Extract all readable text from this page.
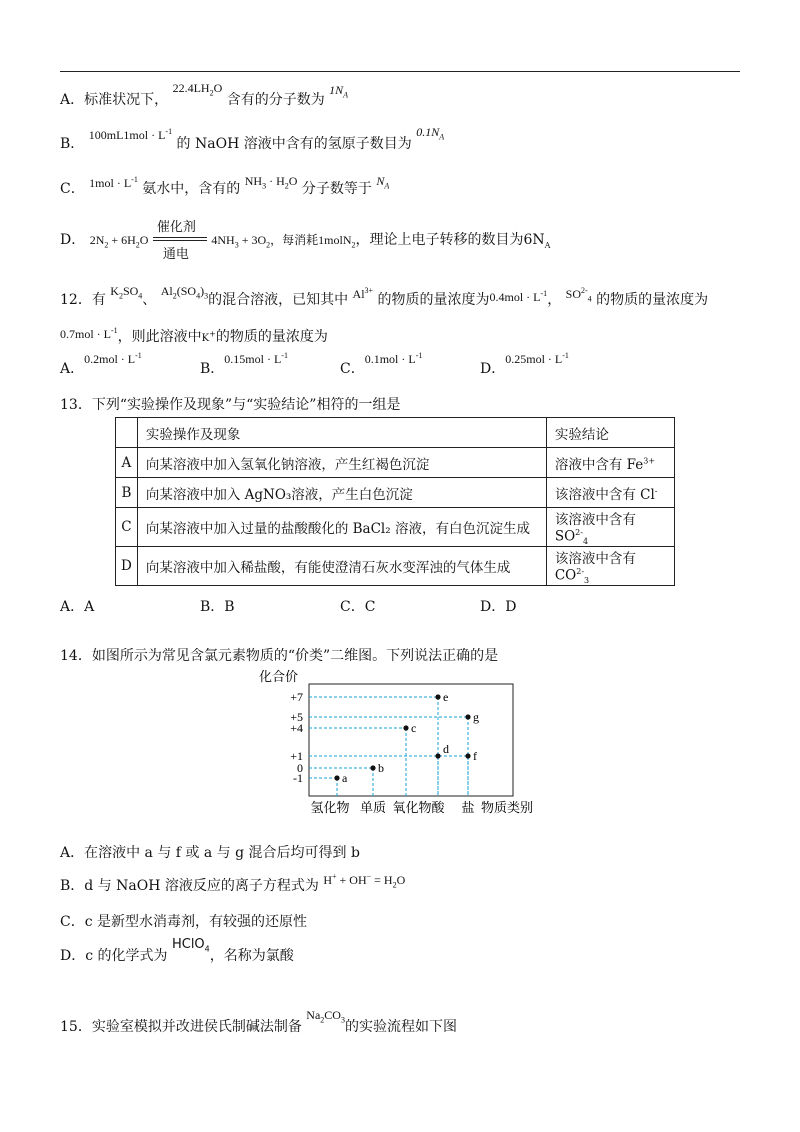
A．标准状况下， $22.4LH_2O$ 含有的分子数为 $1N_A$
B． $100mL1mol \cdot L^{-1}$ 的 NaOH 溶液中含有的氢原子数目为 $0.1N_A$
C． $1mol \cdot L^{-1}$ 氨水中，含有的 $NH_3 \cdot H_2O$ 分子数等于 $N_A$
D． $2N_2 + 6H_2O$
催化剂
通电
$4NH_3 + 3O_2$，每消耗1molN$_2$，理论上电子转移的数目为$6N_A$
12．有 $K_2SO_4$、 $Al_2(SO_4)_3$的混合溶液，已知其中 $Al^{3+}$ 的物质的量浓度为$0.4mol \cdot L^{-1}$， $SO^{2-}_4$ 的物质的量浓度为
$0.7mol \cdot L^{-1}$，则此溶液中K+的物质的量浓度为
A．$0.2mol \cdot L^{-1}$
B．$0.15mol \cdot L^{-1}$
C．$0.1mol \cdot L^{-1}$
D．$0.25mol \cdot L^{-1}$
13．下列“实验操作及现象”与“实验结论”相符的一组是
	实验操作及现象	实验结论
A	向某溶液中加入氢氧化钠溶液，产生红褐色沉淀	溶液中含有 $Fe^{3+}$
B	向某溶液中加入 AgNO₃溶液，产生白色沉淀	该溶液中含有 Cl-
C	向某溶液中加入过量的盐酸酸化的 BaCl₂ 溶液，有白色沉淀生成	该溶液中含有 $SO^{2-}_4$
D	向某溶液中加入稀盐酸，有能使澄清石灰水变浑浊的气体生成	该溶液中含有 $CO^{2-}_3$
A．A	B．B	C．C	D．D
14．如图所示为常见含氯元素物质的“价类”二维图。下列说法正确的是
化合价
+7
+5
+4
+1
0
-1
氢化物 单质 氧化物 酸 盐
a
b
c
d
e
f
g
物质类别
A．在溶液中 a 与 f 或 a 与 g 混合后均可得到 b
B．d 与 NaOH 溶液反应的离子方程式为 $H^+ + OH^- = H_2O$
C．c 是新型水消毒剂，有较强的还原性
D．c 的化学式为 HClO$_4$，名称为氯酸
15．实验室模拟并改进侯氏制碱法制备 $Na_2CO_3$的实验流程如下图
